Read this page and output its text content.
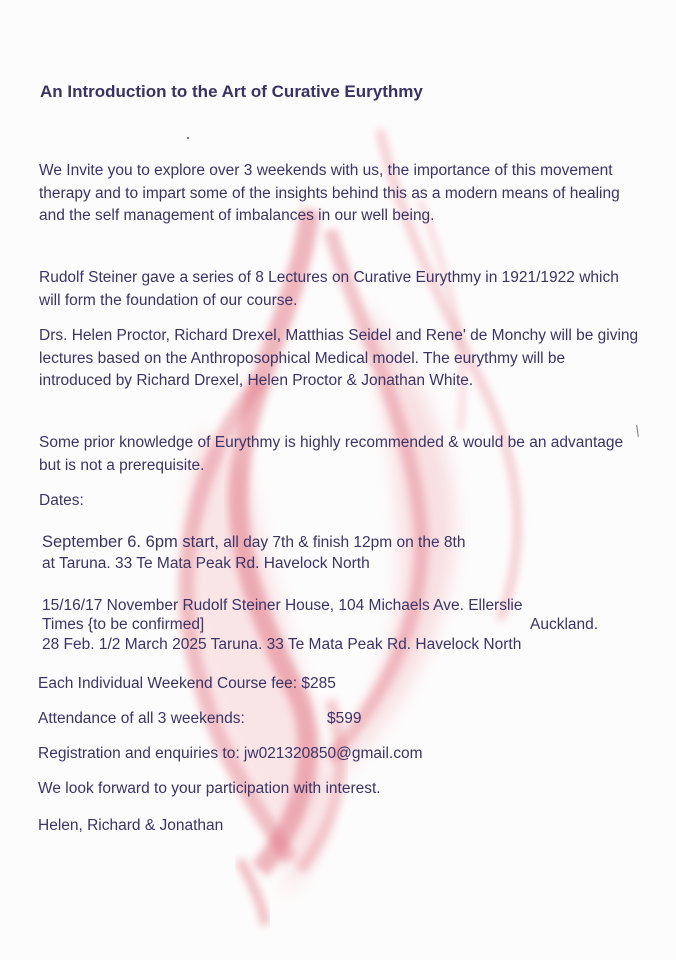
An Introduction to the Art of Curative Eurythmy
We Invite you to explore over 3 weekends with us, the importance of this movement therapy and to impart some of the insights behind this as a modern means of healing and the self management of imbalances in our well being.
Rudolf Steiner gave a series of 8 Lectures on Curative Eurythmy in 1921/1922 which will form the foundation of our course.
Drs. Helen Proctor, Richard Drexel, Matthias Seidel and Rene' de Monchy will be giving lectures based on the Anthroposophical Medical model. The eurythmy will be introduced by Richard Drexel, Helen Proctor & Jonathan White.
Some prior knowledge of Eurythmy is highly recommended & would be an advantage but is not a prerequisite.
Dates:
September 6. 6pm start, all day 7th & finish 12pm on the 8th
at Taruna. 33 Te Mata Peak Rd. Havelock North
15/16/17 November Rudolf Steiner House, 104 Michaels Ave. Ellerslie
Times {to be confirmed]	Auckland.
28 Feb. 1/2 March 2025 Taruna. 33 Te Mata Peak Rd. Havelock North
Each Individual Weekend Course fee: $285
Attendance of all 3 weekends:	$599
Registration and enquiries to: jw021320850@gmail.com
We look forward to your participation with interest.
Helen, Richard & Jonathan
